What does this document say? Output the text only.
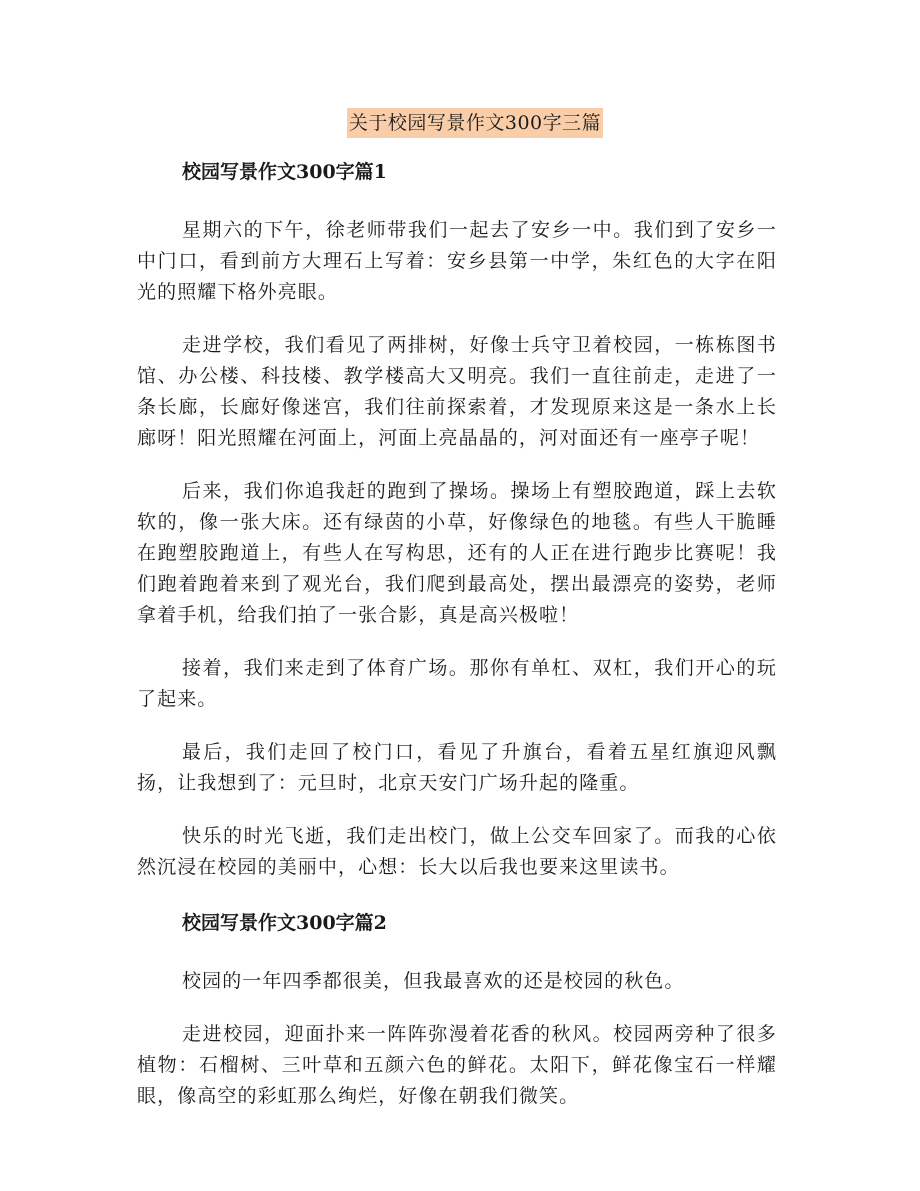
关于校园写景作文300字三篇
校园写景作文300字篇1

星期六的下午，徐老师带我们一起去了安乡一中。我们到了安乡一中门口，看到前方大理石上写着：安乡县第一中学，朱红色的大字在阳光的照耀下格外亮眼。

走进学校，我们看见了两排树，好像士兵守卫着校园，一栋栋图书馆、办公楼、科技楼、教学楼高大又明亮。我们一直往前走，走进了一条长廊，长廊好像迷宫，我们往前探索着，才发现原来这是一条水上长廊呀！阳光照耀在河面上，河面上亮晶晶的，河对面还有一座亭子呢！

后来，我们你追我赶的跑到了操场。操场上有塑胶跑道，踩上去软软的，像一张大床。还有绿茵的小草，好像绿色的地毯。有些人干脆睡在跑塑胶跑道上，有些人在写构思，还有的人正在进行跑步比赛呢！我们跑着跑着来到了观光台，我们爬到最高处，摆出最漂亮的姿势，老师拿着手机，给我们拍了一张合影，真是高兴极啦！

接着，我们来走到了体育广场。那你有单杠、双杠，我们开心的玩了起来。

最后，我们走回了校门口，看见了升旗台，看着五星红旗迎风飘扬，让我想到了：元旦时，北京天安门广场升起的隆重。

快乐的时光飞逝，我们走出校门，做上公交车回家了。而我的心依然沉浸在校园的美丽中，心想：长大以后我也要来这里读书。

校园写景作文300字篇2

校园的一年四季都很美，但我最喜欢的还是校园的秋色。

走进校园，迎面扑来一阵阵弥漫着花香的秋风。校园两旁种了很多植物：石榴树、三叶草和五颜六色的鲜花。太阳下，鲜花像宝石一样耀眼，像高空的彩虹那么绚烂，好像在朝我们微笑。
